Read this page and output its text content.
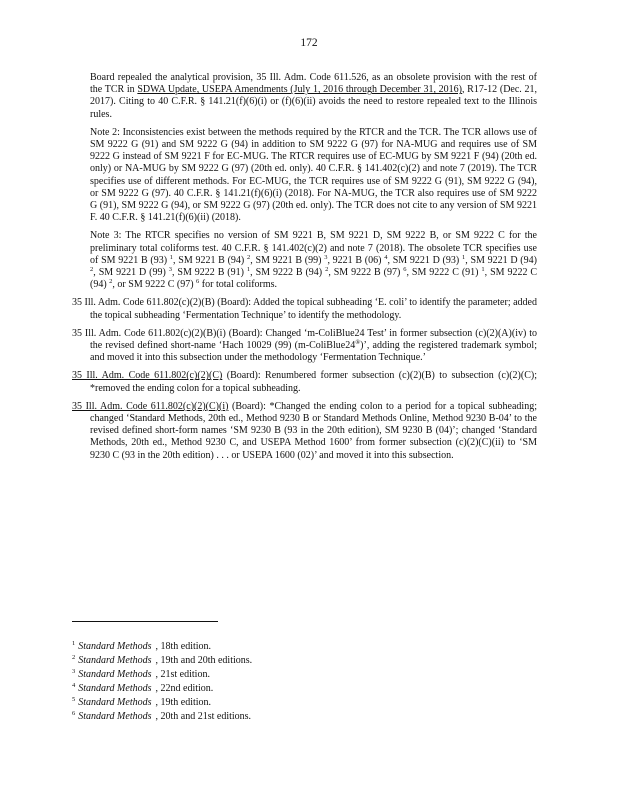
172

Board repealed the analytical provision, 35 Ill. Adm. Code 611.526, as an obsolete provision with the rest of the TCR in SDWA Update, USEPA Amendments (July 1, 2016 through December 31, 2016), R17-12 (Dec. 21, 2017). Citing to 40 C.F.R. § 141.21(f)(6)(i) or (f)(6)(ii) avoids the need to restore repealed text to the Illinois rules.

Note 2: Inconsistencies exist between the methods required by the RTCR and the TCR. The TCR allows use of SM 9222 G (91) and SM 9222 G (94) in addition to SM 9222 G (97) for NA-MUG and requires use of SM 9222 G instead of SM 9221 F for EC-MUG. The RTCR requires use of EC-MUG by SM 9221 F (94) (20th ed. only) or NA-MUG by SM 9222 G (97) (20th ed. only). 40 C.F.R. § 141.402(c)(2) and note 7 (2019). The TCR specifies use of different methods. For EC-MUG, the TCR requires use of SM 9222 G (91), SM 9222 G (94), or SM 9222 G (97). 40 C.F.R. § 141.21(f)(6)(i) (2018). For NA-MUG, the TCR also requires use of SM 9222 G (91), SM 9222 G (94), or SM 9222 G (97) (20th ed. only). The TCR does not cite to any version of SM 9221 F. 40 C.F.R. § 141.21(f)(6)(ii) (2018).

Note 3: The RTCR specifies no version of SM 9221 B, SM 9221 D, SM 9222 B, or SM 9222 C for the preliminary total coliforms test. 40 C.F.R. § 141.402(c)(2) and note 7 (2018). The obsolete TCR specifies use of SM 9221 B (93) $^1$, SM 9221 B (94) $^2$, SM 9221 B (99) $^3$, 9221 B (06) $^4$, SM 9221 D (93) $^1$, SM 9221 D (94) $^2$, SM 9221 D (99) $^3$, SM 9222 B (91) $^1$, SM 9222 B (94) $^2$, SM 9222 B (97) $^6$, SM 9222 C (91) $^1$, SM 9222 C (94) $^2$, or SM 9222 C (97) $^6$ for total coliforms.

35 Ill. Adm. Code 611.802(c)(2)(B) (Board): Added the topical subheading ‘E. coli’ to identify the parameter; added the topical subheading ‘Fermentation Technique’ to identify the methodology.

35 Ill. Adm. Code 611.802(c)(2)(B)(i) (Board): Changed ‘m-ColiBlue24 Test’ in former subsection (c)(2)(A)(iv) to the revised defined short-name ‘Hach 10029 (99) (m-ColiBlue24®)’, adding the registered trademark symbol; and moved it into this subsection under the methodology ‘Fermentation Technique.’

35 Ill. Adm. Code 611.802(c)(2)(C) (Board): Renumbered former subsection (c)(2)(B) to subsection (c)(2)(C); *removed the ending colon for a topical subheading.

35 Ill. Adm. Code 611.802(c)(2)(C)(i) (Board): *Changed the ending colon to a period for a topical subheading; changed ‘Standard Methods, 20th ed., Method 9230 B or Standard Methods Online, Method 9230 B-04’ to the revised defined short-form names ‘SM 9230 B (93 in the 20th edition), SM 9230 B (04)’; changed ‘Standard Methods, 20th ed., Method 9230 C, and USEPA Method 1600’ from former subsection (c)(2)(C)(ii) to ‘SM 9230 C (93 in the 20th edition) . . . or USEPA 1600 (02)’ and moved it into this subsection.

$^1$ Standard Methods , 18th edition.
$^2$ Standard Methods , 19th and 20th editions.
$^3$ Standard Methods , 21st edition.
$^4$ Standard Methods , 22nd edition.
$^5$ Standard Methods , 19th edition.
$^6$ Standard Methods , 20th and 21st editions.
